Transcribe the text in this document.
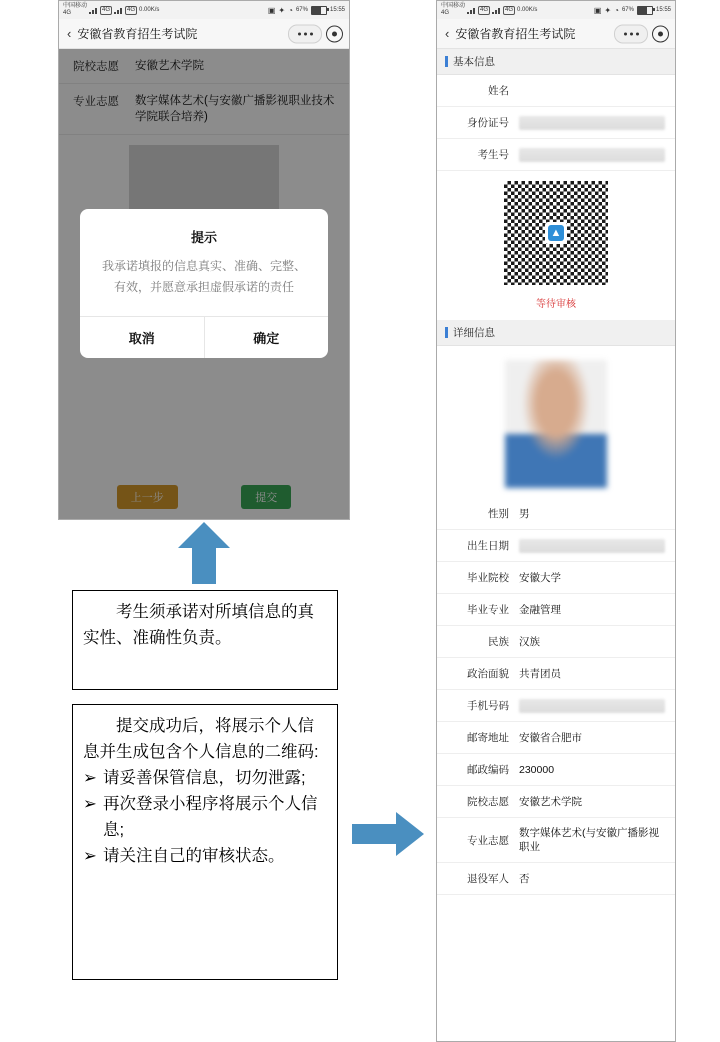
中国移动
4G
4G	4G 0.00K/s	▣ ✦ ◔ 67%	15:55
‹ 安徽省教育招生考试院
院校志愿	安徽艺术学院
专业志愿	数字媒体艺术(与安徽广播影视职业技术学院联合培养)
上一步	提交
提示
我承诺填报的信息真实、准确、完整、有效，并愿意承担虚假承诺的责任
取消	确定
中国移动
4G
4G	4G 0.00K/s	▣ ✦ ◔ 67%	15:55
‹ 安徽省教育招生考试院
基本信息
姓名
身份证号
考生号
▲
等待审核
详细信息
性别 男
出生日期
毕业院校 安徽大学
毕业专业 金融管理
民族 汉族
政治面貌 共青团员
手机号码
邮寄地址 安徽省合肥市
邮政编码 230000
院校志愿 安徽艺术学院
专业志愿
数字媒体艺术(与安徽广播影视职业
退役军人 否
考生须承诺对所填信息的真实性、准确性负责。
提交成功后，将展示个人信息并生成包含个人信息的二维码:
➢ 请妥善保管信息，切勿泄露;
➢ 再次登录小程序将展示个人信息;
➢ 请关注自己的审核状态。
